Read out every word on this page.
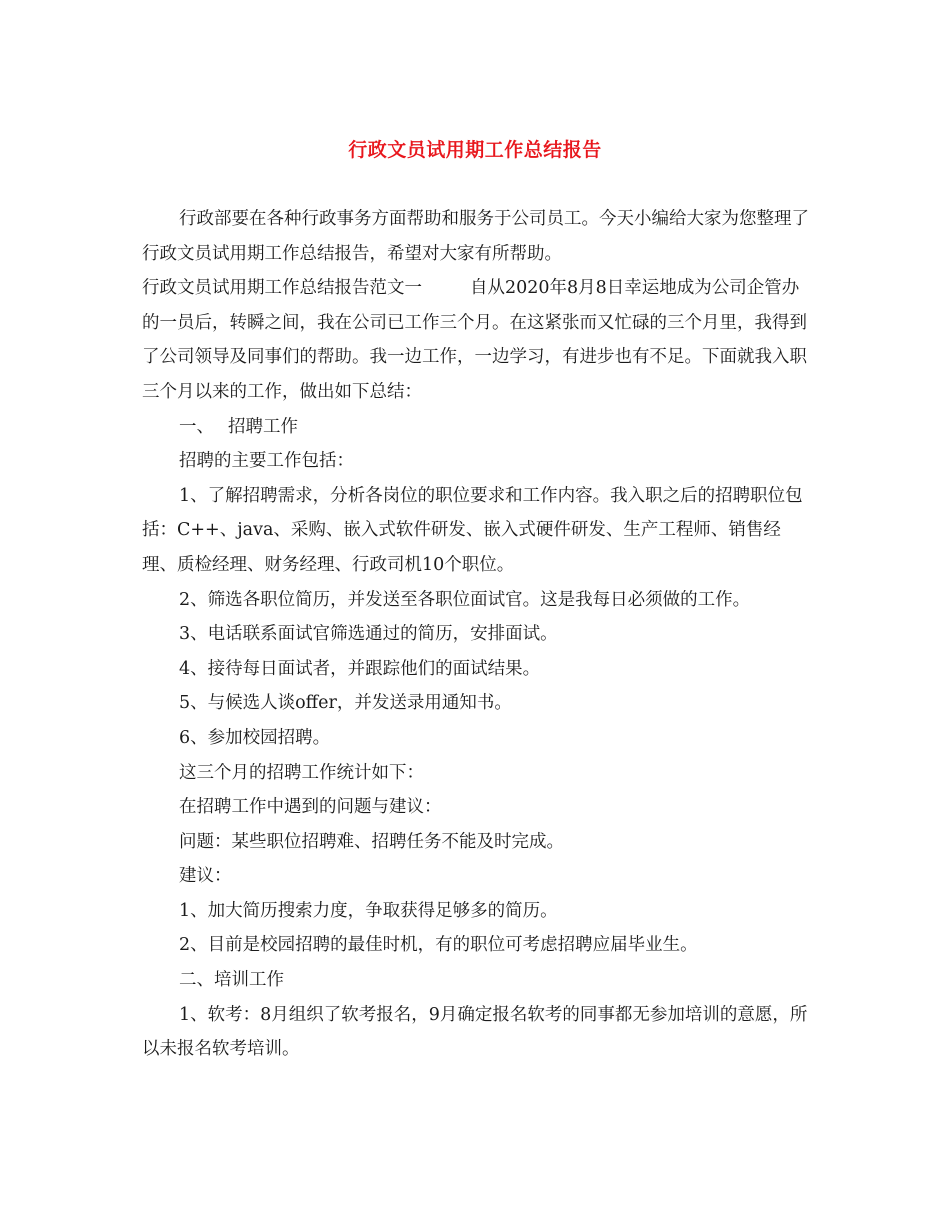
行政文员试用期工作总结报告

行政部要在各种行政事务方面帮助和服务于公司员工。今天小编给大家为您整理了行政文员试用期工作总结报告，希望对大家有所帮助。

行政文员试用期工作总结报告范文一	自从2020年8月8日幸运地成为公司企管办的一员后，转瞬之间，我在公司已工作三个月。在这紧张而又忙碌的三个月里，我得到了公司领导及同事们的帮助。我一边工作，一边学习，有进步也有不足。下面就我入职三个月以来的工作，做出如下总结：

一、 招聘工作

招聘的主要工作包括：

1、了解招聘需求，分析各岗位的职位要求和工作内容。我入职之后的招聘职位包括：C++、java、采购、嵌入式软件研发、嵌入式硬件研发、生产工程师、销售经理、质检经理、财务经理、行政司机10个职位。

2、筛选各职位简历，并发送至各职位面试官。这是我每日必须做的工作。

3、电话联系面试官筛选通过的简历，安排面试。

4、接待每日面试者，并跟踪他们的面试结果。

5、与候选人谈offer，并发送录用通知书。

6、参加校园招聘。

这三个月的招聘工作统计如下：

在招聘工作中遇到的问题与建议：

问题：某些职位招聘难、招聘任务不能及时完成。

建议：

1、加大简历搜索力度，争取获得足够多的简历。

2、目前是校园招聘的最佳时机，有的职位可考虑招聘应届毕业生。

二、培训工作

1、软考：8月组织了软考报名，9月确定报名软考的同事都无参加培训的意愿，所以未报名软考培训。
